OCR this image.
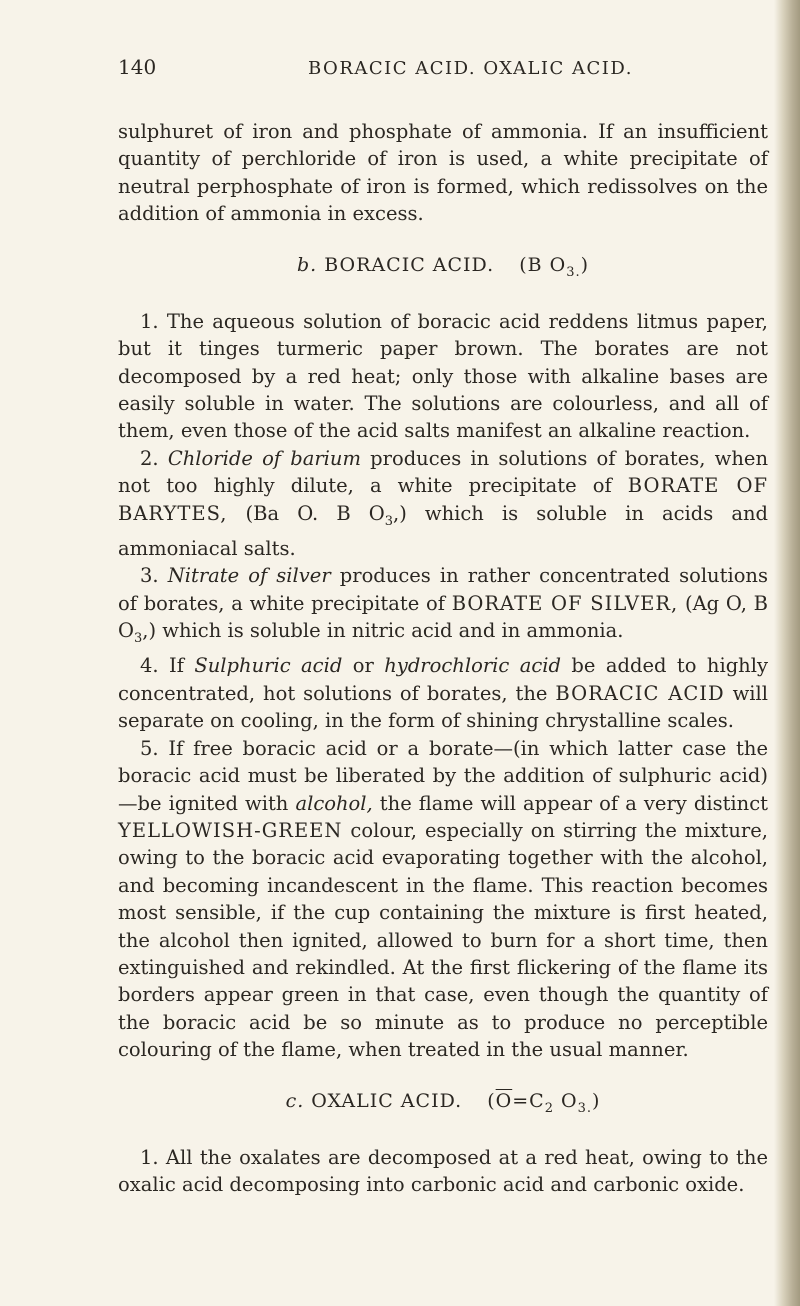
140	BORACIC ACID. OXALIC ACID.

sulphuret of iron and phosphate of ammonia. If an insufficient quantity of perchloride of iron is used, a white precipitate of neutral perphosphate of iron is formed, which redissolves on the addition of ammonia in excess.

b. BORACIC ACID. (B $O_{3.}$)

1. The aqueous solution of boracic acid reddens litmus paper, but it tinges turmeric paper brown. The borates are not decomposed by a red heat; only those with alkaline bases are easily soluble in water. The solutions are colourless, and all of them, even those of the acid salts manifest an alkaline reaction.

2. Chloride of barium produces in solutions of borates, when not too highly dilute, a white precipitate of BORATE OF BARYTES, (Ba O. B $O_3$,) which is soluble in acids and ammoniacal salts.

3. Nitrate of silver produces in rather concentrated solutions of borates, a white precipitate of BORATE OF SILVER, (Ag O, B $O_3$,) which is soluble in nitric acid and in ammonia.

4. If Sulphuric acid or hydrochloric acid be added to highly concentrated, hot solutions of borates, the BORACIC ACID will separate on cooling, in the form of shining chrystalline scales.

5. If free boracic acid or a borate—(in which latter case the boracic acid must be liberated by the addition of sulphuric acid)—be ignited with alcohol, the flame will appear of a very distinct YELLOWISH-GREEN colour, especially on stirring the mixture, owing to the boracic acid evaporating together with the alcohol, and becoming incandescent in the flame. This reaction becomes most sensible, if the cup containing the mixture is first heated, the alcohol then ignited, allowed to burn for a short time, then extinguished and rekindled. At the first flickering of the flame its borders appear green in that case, even though the quantity of the boracic acid be so minute as to produce no perceptible colouring of the flame, when treated in the usual manner.

c. OXALIC ACID. ($\overline{O}=C_2$ $O_{3.}$)

1. All the oxalates are decomposed at a red heat, owing to the oxalic acid decomposing into carbonic acid and carbonic oxide.
